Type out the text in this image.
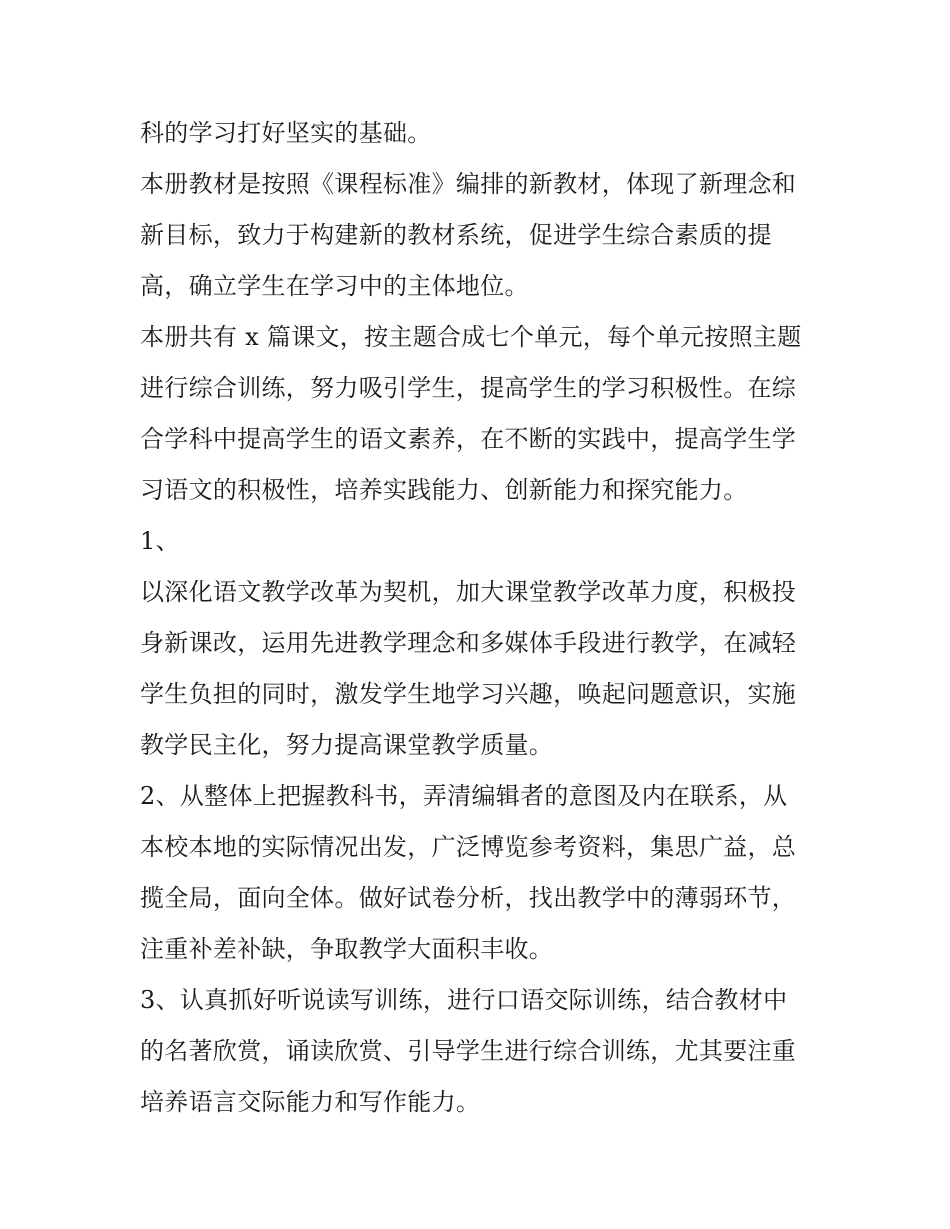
科的学习打好坚实的基础。
本册教材是按照《课程标准》编排的新教材，体现了新理念和
新目标，致力于构建新的教材系统，促进学生综合素质的提
高，确立学生在学习中的主体地位。
本册共有 x 篇课文，按主题合成七个单元，每个单元按照主题
进行综合训练，努力吸引学生，提高学生的学习积极性。在综
合学科中提高学生的语文素养，在不断的实践中，提高学生学
习语文的积极性，培养实践能力、创新能力和探究能力。
1、
以深化语文教学改革为契机，加大课堂教学改革力度，积极投
身新课改，运用先进教学理念和多媒体手段进行教学，在减轻
学生负担的同时，激发学生地学习兴趣，唤起问题意识，实施
教学民主化，努力提高课堂教学质量。
2、从整体上把握教科书，弄清编辑者的意图及内在联系，从
本校本地的实际情况出发，广泛博览参考资料，集思广益，总
揽全局，面向全体。做好试卷分析，找出教学中的薄弱环节，
注重补差补缺，争取教学大面积丰收。
3、认真抓好听说读写训练，进行口语交际训练，结合教材中
的名著欣赏，诵读欣赏、引导学生进行综合训练，尤其要注重
培养语言交际能力和写作能力。
